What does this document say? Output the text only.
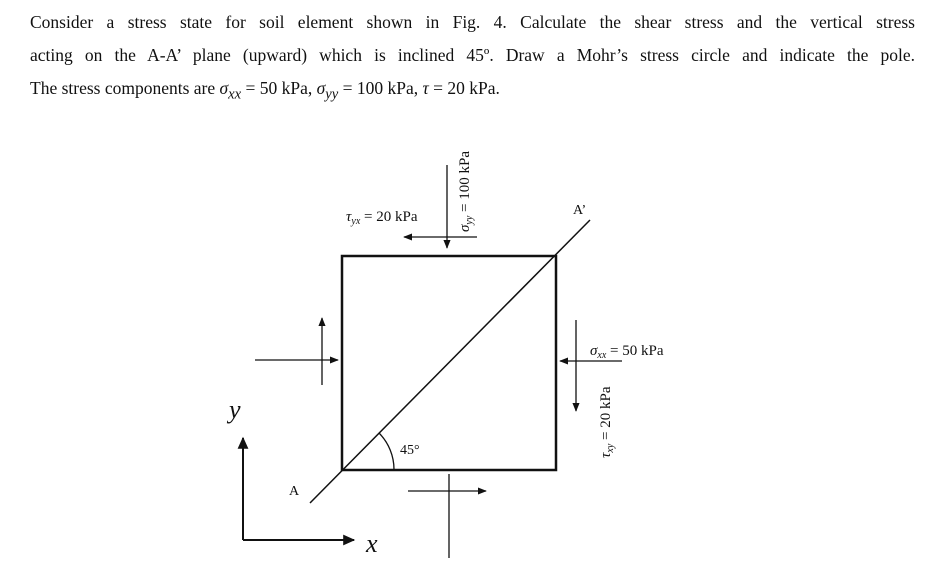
Consider a stress state for soil element shown in Fig. 4. Calculate the shear stress and the vertical stress
acting on the A-A’ plane (upward) which is inclined 45º. Draw a Mohr’s stress circle and indicate the pole.
The stress components are $\sigma_{xx} = 50$ kPa, $\sigma_{yy} = 100$ kPa, τ = 20 kPa.

45°
A
A’
$\tau_{yx} = 20$ kPa
$\sigma_{yy} = 100$ kPa
$\sigma_{xx} = 50$ kPa
$\tau_{xy} = 20$ kPa
y
x
